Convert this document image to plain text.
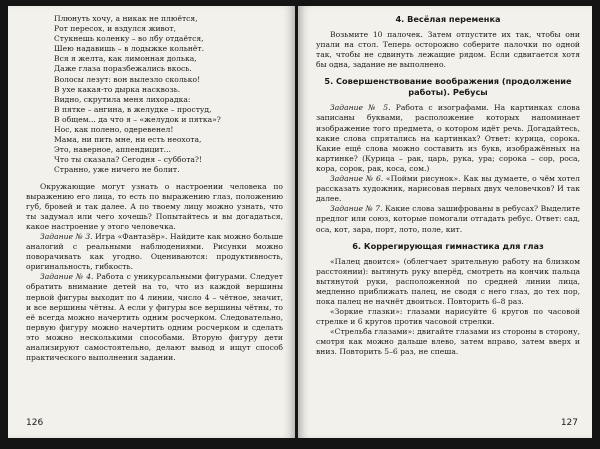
Плюнуть хочу, а никак не плюётся,
Рот пересох, и вздулся живот,
Стукнешь коленку – во лбу отдаётся,
Шею надавишь – в лодыжке кольнёт.
Вся я желта, как лимонная долька,
Даже глаза поразбежались вкось.
Волосы лезут: вон вылезло сколько!
В ухе какая-то дырка насквозь.
Видно, скрутила меня лихорадка:
В пятке – ангина, в желудке – простуд,
В общем... да что я – «желудок и пятка»?
Нос, как полено, одеревенел!
Мама, ни пить мне, ни есть неохота,
Это, наверное, аппендицит...
Что ты сказала? Сегодня – суббота?!
Странно, уже ничего не болит.

Окружающие могут узнать о настроении человека по выражению его лица, то есть по выражению глаз, положению губ, бровей и так далее. А по твоему лицу можно узнать, что ты задумал или чего хочешь? Попытайтесь и вы догадаться, какое настроение у этого человечка.

Задание № 3. Игра «Фантазёр». Найдите как можно больше аналогий с реальными наблюдениями. Рисунки можно поворачивать как угодно. Оцениваются: продуктивность, оригинальность, гибкость.

Задание № 4. Работа с уникурсальными фигурами. Следует обратить внимание детей на то, что из каждой вершины первой фигуры выходит по 4 линии, число 4 – чётное, значит, и все вершины чётны. А если у фигуры все вершины чётны, то её всегда можно начертить одним росчерком. Следовательно, первую фигуру можно начертить одним росчерком и сделать это можно несколькими способами. Вторую фигуру дети анализируют самостоятельно, делают вывод и ищут способ практического выполнения задании.

126
4. Весёлая переменка

Возьмите 10 палочек. Затем отпустите их так, чтобы они упали на стол. Теперь осторожно соберите палочки по одной так, чтобы не сдвинуть лежащие рядом. Если сдвигается хотя бы одна, задание не выполнено.

5. Совершенствование воображения (продолжение работы). Ребусы

Задание № 5. Работа с изографами. На картинках слова записаны буквами, расположение которых напоминает изображение того предмета, о котором идёт речь. Догадайтесь, какие слова спрятались на картинках? Ответ: курица, сорока. Какие ещё слова можно составить из букв, изображённых на картинке? (Курица – рак, царь, рука, ура; сорока – сор, роса, кора, сорок, рак, коса, сом.)

Задание № 6. «Пойми рисунок». Как вы думаете, о чём хотел рассказать художник, нарисовав первых двух человечков? И так далее.

Задание № 7. Какие слова зашифрованы в ребусах? Выделите предлог или союз, которые помогали отгадать ребус. Ответ: сад, оса, кот, зара, порт, лото, поле, кит.

6. Коррегирующая гимнастика для глаз

«Палец двоится» (облегчает зрительную работу на близком расстоянии): вытянуть руку вперёд, смотреть на кончик пальца вытянутой руки, расположенной по средней линии лица, медленно приближать палец, не сводя с него глаз, до тех пор, пока палец не начнёт двоиться. Повторить 6–8 раз.

«Зоркие глазки»: глазами нарисуйте 6 кругов по часовой стрелке и 6 кругов против часовой стрелки.

«Стрельба глазами»: двигайте глазами из стороны в сторону, смотря как можно дальше влево, затем вправо, затем вверх и вниз. Повторить 5–6 раз, не спеша.

127
